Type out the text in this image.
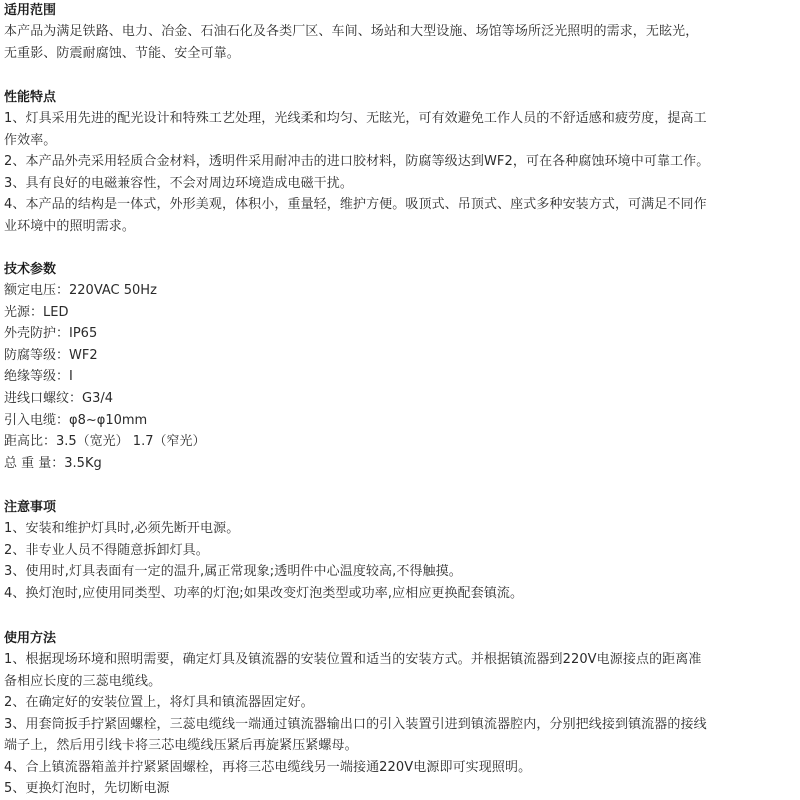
适用范围
本产品为满足铁路、电力、冶金、石油石化及各类厂区、车间、场站和大型设施、场馆等场所泛光照明的需求，无眩光，
无重影、防震耐腐蚀、节能、安全可靠。
性能特点
1、灯具采用先进的配光设计和特殊工艺处理，光线柔和均匀、无眩光，可有效避免工作人员的不舒适感和疲劳度，提高工
作效率。
2、本产品外壳采用轻质合金材料，透明件采用耐冲击的进口胶材料，防腐等级达到WF2，可在各种腐蚀环境中可靠工作。
3、具有良好的电磁兼容性，不会对周边环境造成电磁干扰。
4、本产品的结构是一体式，外形美观，体积小，重量轻，维护方便。吸顶式、吊顶式、座式多种安装方式，可满足不同作
业环境中的照明需求。
技术参数
额定电压：220VAC 50Hz
光源：LED
外壳防护：IP65
防腐等级：WF2
绝缘等级：I
进线口螺纹：G3/4
引入电缆：φ8~φ10mm
距高比：3.5（宽光） 1.7（窄光）
总 重 量：3.5Kg
注意事项
1、安装和维护灯具时,必须先断开电源。
2、非专业人员不得随意拆卸灯具。
3、使用时,灯具表面有一定的温升,属正常现象;透明件中心温度较高,不得触摸。
4、换灯泡时,应使用同类型、功率的灯泡;如果改变灯泡类型或功率,应相应更换配套镇流。
使用方法
1、根据现场环境和照明需要，确定灯具及镇流器的安装位置和适当的安装方式。并根据镇流器到220V电源接点的距离准
备相应长度的三蕊电缆线。
2、在确定好的安装位置上，将灯具和镇流器固定好。
3、用套筒扳手拧紧固螺栓，三蕊电缆线一端通过镇流器输出口的引入装置引进到镇流器腔内，分别把线接到镇流器的接线
端子上，然后用引线卡将三芯电缆线压紧后再旋紧压紧螺母。
4、合上镇流器箱盖并拧紧紧固螺栓，再将三芯电缆线另一端接通220V电源即可实现照明。
5、更换灯泡时，先切断电源
